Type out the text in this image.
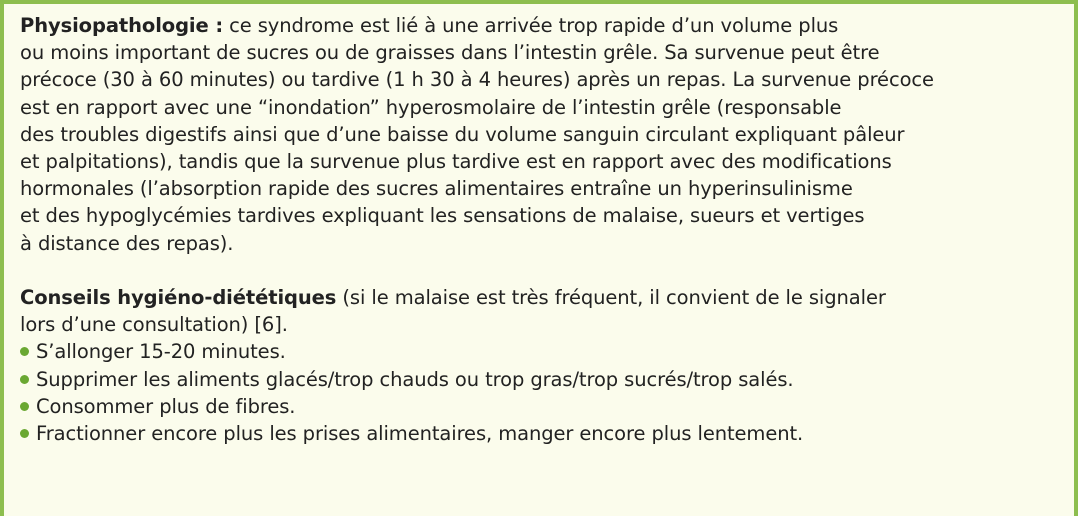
Physiopathologie : ce syndrome est lié à une arrivée trop rapide d’un volume plus
ou moins important de sucres ou de graisses dans l’intestin grêle. Sa survenue peut être
précoce (30 à 60 minutes) ou tardive (1 h 30 à 4 heures) après un repas. La survenue précoce
est en rapport avec une “inondation” hyperosmolaire de l’intestin grêle (responsable
des troubles digestifs ainsi que d’une baisse du volume sanguin circulant expliquant pâleur
et palpitations), tandis que la survenue plus tardive est en rapport avec des modifications
hormonales (l’absorption rapide des sucres alimentaires entraîne un hyperinsulinisme
et des hypoglycémies tardives expliquant les sensations de malaise, sueurs et vertiges
à distance des repas).
Conseils hygiéno-diététiques (si le malaise est très fréquent, il convient de le signaler
lors d’une consultation) [6].
S’allonger 15-20 minutes.
Supprimer les aliments glacés/trop chauds ou trop gras/trop sucrés/trop salés.
Consommer plus de fibres.
Fractionner encore plus les prises alimentaires, manger encore plus lentement.
